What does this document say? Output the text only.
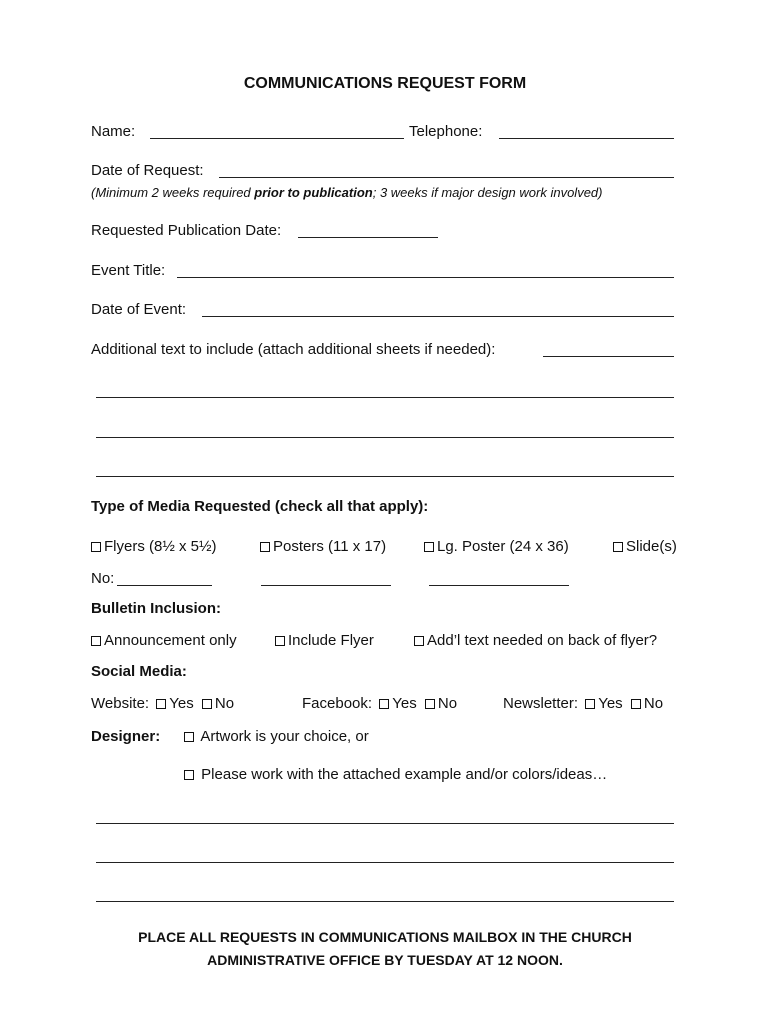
COMMUNICATIONS REQUEST FORM
Name:	Telephone:
Date of Request:
(Minimum 2 weeks required prior to publication; 3 weeks if major design work involved)
Requested Publication Date:
Event Title:
Date of Event:
Additional text to include (attach additional sheets if needed):
Type of Media Requested (check all that apply):
Flyers (8½ x 5½)	Posters (11 x 17)	Lg. Poster (24 x 36)	Slide(s)
No:
Bulletin Inclusion:
Announcement only	Include Flyer	Add’l text needed on back of flyer?
Social Media:
Website: Yes No	Facebook: Yes No	Newsletter: Yes No
Designer:	Artwork is your choice, or
Please work with the attached example and/or colors/ideas…
PLACE ALL REQUESTS IN COMMUNICATIONS MAILBOX IN THE CHURCH
ADMINISTRATIVE OFFICE BY TUESDAY AT 12 NOON.
